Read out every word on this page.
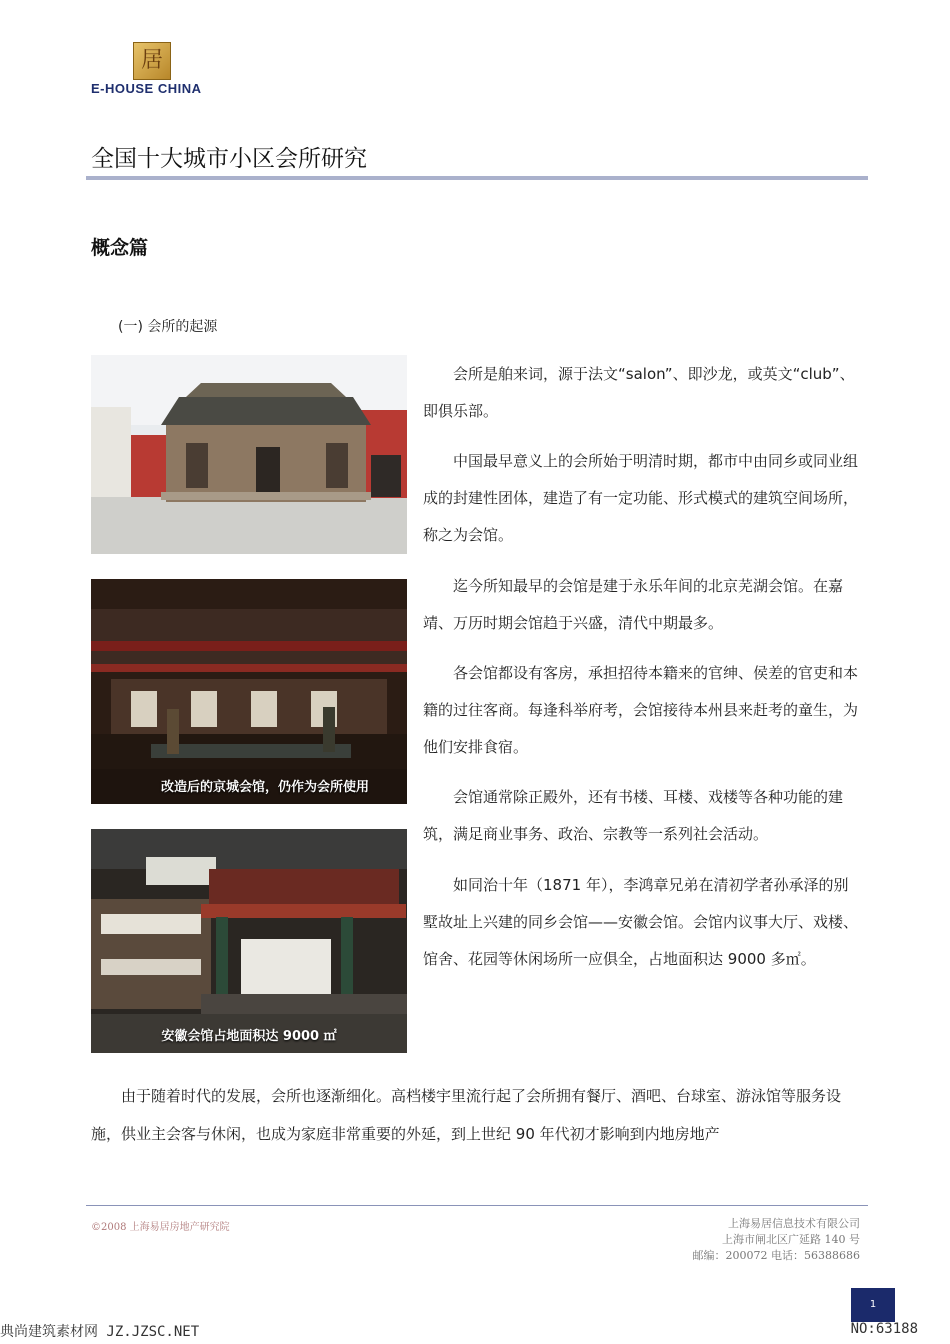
居
E-HOUSE CHINA
全国十大城市小区会所研究
概念篇
(一) 会所的起源
改造后的京城会馆，仍作为会所使用
安徽会馆占地面积达 9000 ㎡

会所是舶来词，源于法文“salon”、即沙龙，或英文“club”、即俱乐部。

中国最早意义上的会所始于明清时期，都市中由同乡或同业组成的封建性团体，建造了有一定功能、形式模式的建筑空间场所，称之为会馆。

迄今所知最早的会馆是建于永乐年间的北京芜湖会馆。在嘉靖、万历时期会馆趋于兴盛，清代中期最多。

各会馆都设有客房，承担招待本籍来的官绅、侯差的官吏和本籍的过往客商。每逢科举府考，会馆接待本州县来赶考的童生，为他们安排食宿。

会馆通常除正殿外，还有书楼、耳楼、戏楼等各种功能的建筑，满足商业事务、政治、宗教等一系列社会活动。

如同治十年（1871 年），李鸿章兄弟在清初学者孙承泽的别墅故址上兴建的同乡会馆——安徽会馆。会馆内议事大厅、戏楼、馆舍、花园等休闲场所一应俱全，占地面积达 9000 多㎡。

由于随着时代的发展，会所也逐渐细化。高档楼宇里流行起了会所拥有餐厅、酒吧、台球室、游泳馆等服务设施，供业主会客与休闲，也成为家庭非常重要的外延，到上世纪 90 年代初才影响到内地房地产

©2008 上海易居房地产研究院	上海易居信息技术有限公司
上海市闸北区广延路 140 号
邮编：200072 电话：56388686
1
典尚建筑素材网 JZ.JZSC.NET	NO:63188
